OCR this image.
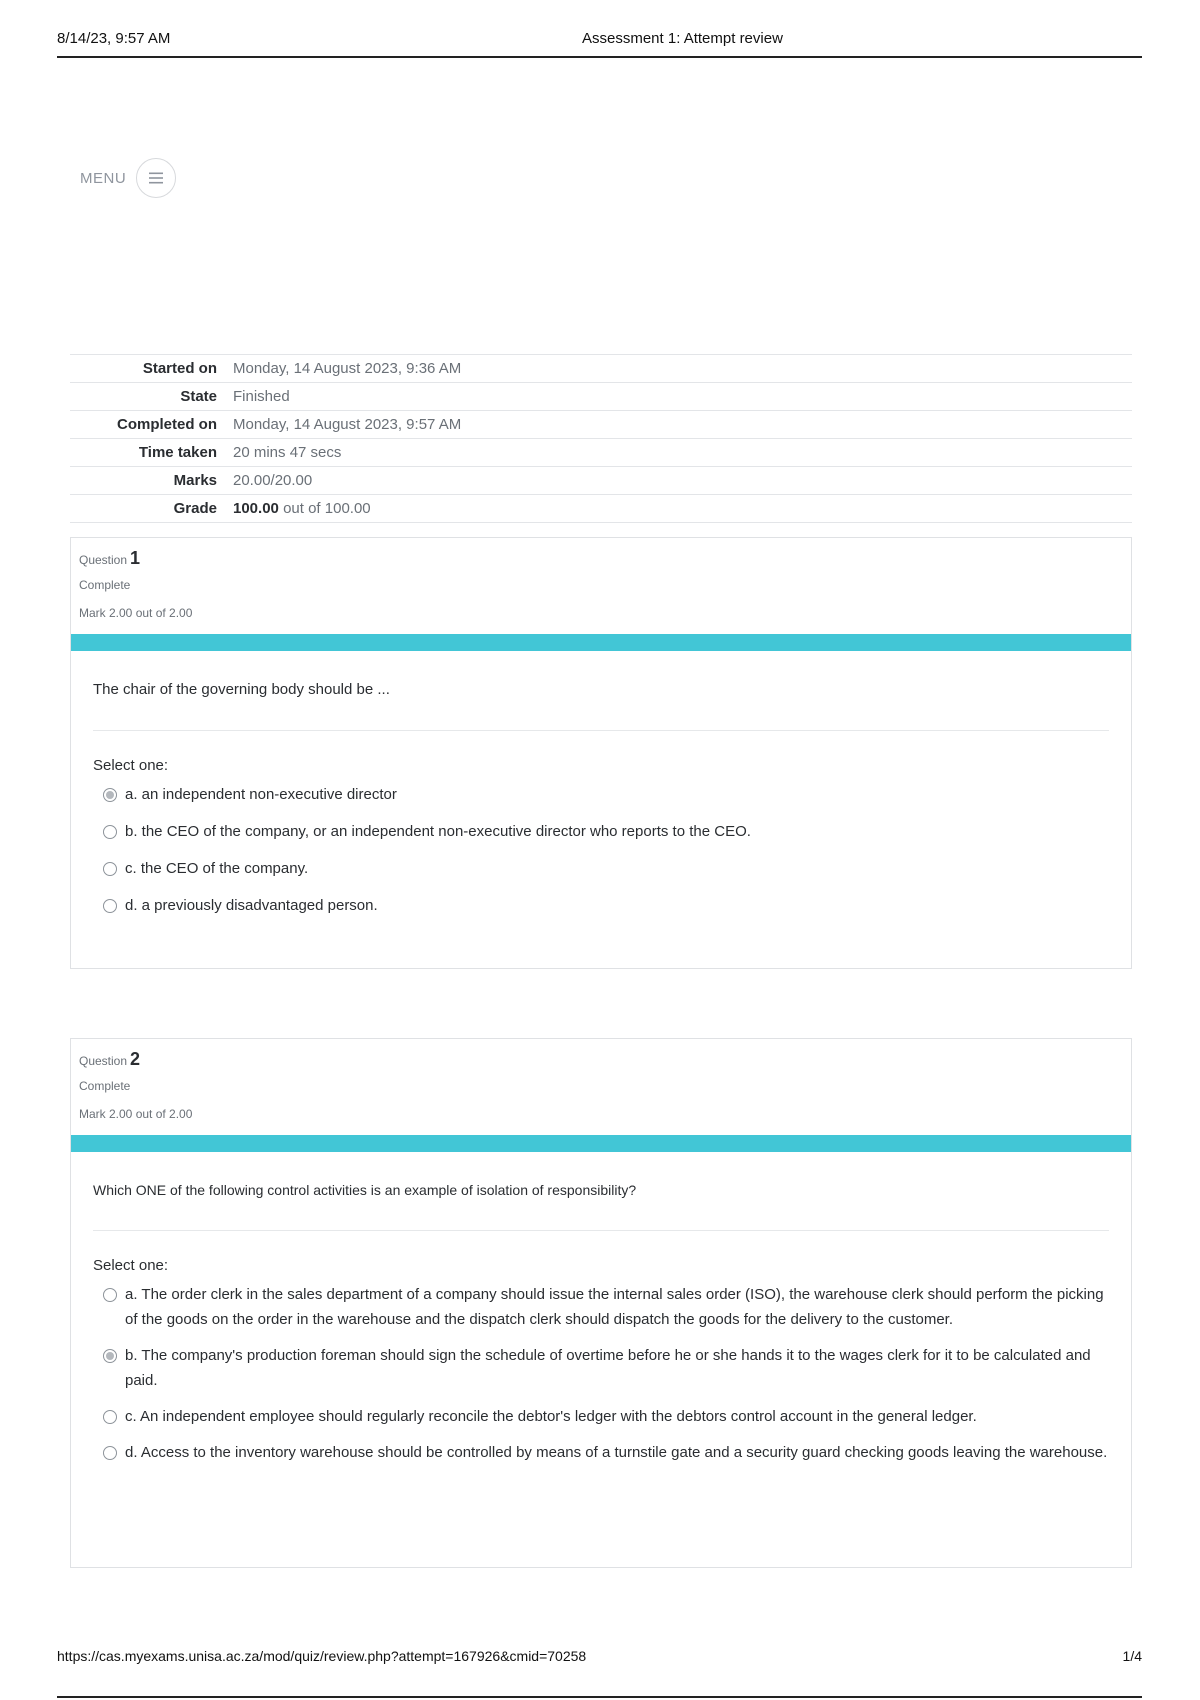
8/14/23, 9:57 AM	Assessment 1: Attempt review
MENU
Started on	Monday, 14 August 2023, 9:36 AM
State	Finished
Completed on	Monday, 14 August 2023, 9:57 AM
Time taken	20 mins 47 secs
Marks	20.00/20.00
Grade	100.00 out of 100.00
Question 1
Complete
Mark 2.00 out of 2.00
The chair of the governing body should be ...
Select one:
a. an independent non-executive director
b. the CEO of the company, or an independent non-executive director who reports to the CEO.
c. the CEO of the company.
d. a previously disadvantaged person.
Question 2
Complete
Mark 2.00 out of 2.00
Which ONE of the following control activities is an example of isolation of responsibility?
Select one:
a. The order clerk in the sales department of a company should issue the internal sales order (ISO), the warehouse clerk should perform the picking of the goods on the order in the warehouse and the dispatch clerk should dispatch the goods for the delivery to the customer.
b. The company's production foreman should sign the schedule of overtime before he or she hands it to the wages clerk for it to be calculated and paid.
c. An independent employee should regularly reconcile the debtor's ledger with the debtors control account in the general ledger.
d. Access to the inventory warehouse should be controlled by means of a turnstile gate and a security guard checking goods leaving the warehouse.
https://cas.myexams.unisa.ac.za/mod/quiz/review.php?attempt=167926&cmid=70258	1/4
